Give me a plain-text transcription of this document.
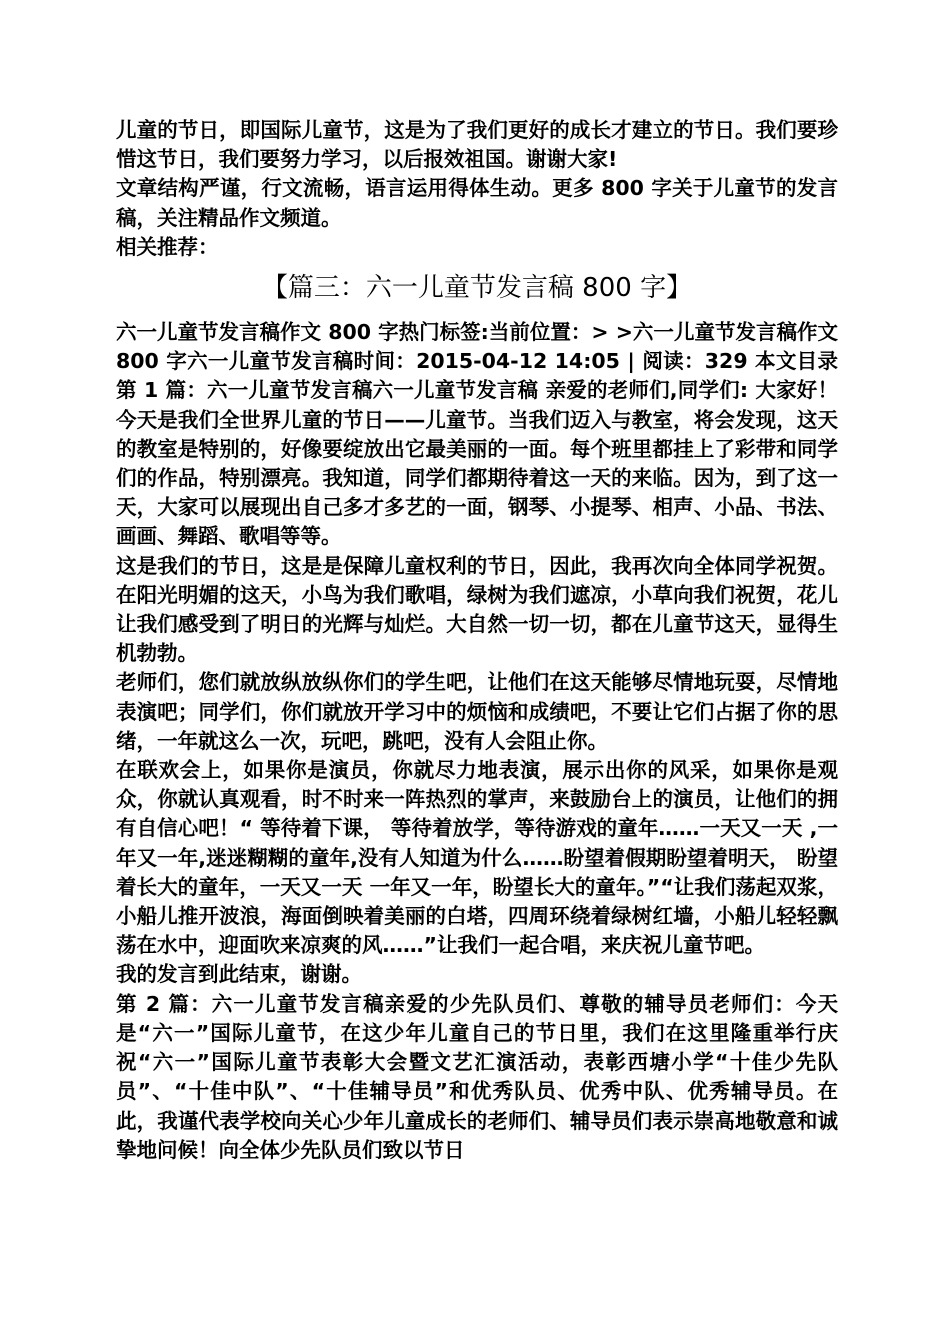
儿童的节日，即国际儿童节，这是为了我们更好的成长才建立的节日。我们要珍惜这节日，我们要努力学习，以后报效祖国。谢谢大家!

文章结构严谨，行文流畅，语言运用得体生动。更多 800 字关于儿童节的发言稿，关注精品作文频道。

相关推荐：

【篇三：六一儿童节发言稿 800 字】

六一儿童节发言稿作文 800 字热门标签:当前位置：> >六一儿童节发言稿作文 800 字六一儿童节发言稿时间：2015-04-12 14:05 | 阅读：329 本文目录第 1 篇：六一儿童节发言稿六一儿童节发言稿 亲爱的老师们,同学们: 大家好！今天是我们全世界儿童的节日——儿童节。当我们迈入与教室，将会发现，这天的教室是特别的，好像要绽放出它最美丽的一面。每个班里都挂上了彩带和同学们的作品，特别漂亮。我知道，同学们都期待着这一天的来临。因为，到了这一天，大家可以展现出自己多才多艺的一面，钢琴、小提琴、相声、小品、书法、画画、舞蹈、歌唱等等。

这是我们的节日，这是是保障儿童权利的节日，因此，我再次向全体同学祝贺。在阳光明媚的这天，小鸟为我们歌唱，绿树为我们遮凉，小草向我们祝贺，花儿让我们感受到了明日的光辉与灿烂。大自然一切一切，都在儿童节这天，显得生机勃勃。

老师们，您们就放纵放纵你们的学生吧，让他们在这天能够尽情地玩耍，尽情地表演吧；同学们，你们就放开学习中的烦恼和成绩吧，不要让它们占据了你的思绪，一年就这么一次，玩吧，跳吧，没有人会阻止你。

在联欢会上，如果你是演员，你就尽力地表演，展示出你的风采，如果你是观众，你就认真观看，时不时来一阵热烈的掌声，来鼓励台上的演员，让他们的拥有自信心吧！“ 等待着下课， 等待着放学，等待游戏的童年……一天又一天 ,一年又一年,迷迷糊糊的童年,没有人知道为什么……盼望着假期盼望着明天， 盼望着长大的童年，一天又一天 一年又一年，盼望长大的童年。”“让我们荡起双浆，小船儿推开波浪，海面倒映着美丽的白塔，四周环绕着绿树红墙，小船儿轻轻飘荡在水中，迎面吹来凉爽的风……”让我们一起合唱，来庆祝儿童节吧。

我的发言到此结束，谢谢。

第 2 篇：六一儿童节发言稿亲爱的少先队员们、尊敬的辅导员老师们：今天是“六一”国际儿童节，在这少年儿童自己的节日里，我们在这里隆重举行庆祝“六一”国际儿童节表彰大会暨文艺汇演活动，表彰西塘小学“十佳少先队员”、“十佳中队”、“十佳辅导员”和优秀队员、优秀中队、优秀辅导员。在此，我谨代表学校向关心少年儿童成长的老师们、辅导员们表示崇高地敬意和诚挚地问候！向全体少先队员们致以节日
